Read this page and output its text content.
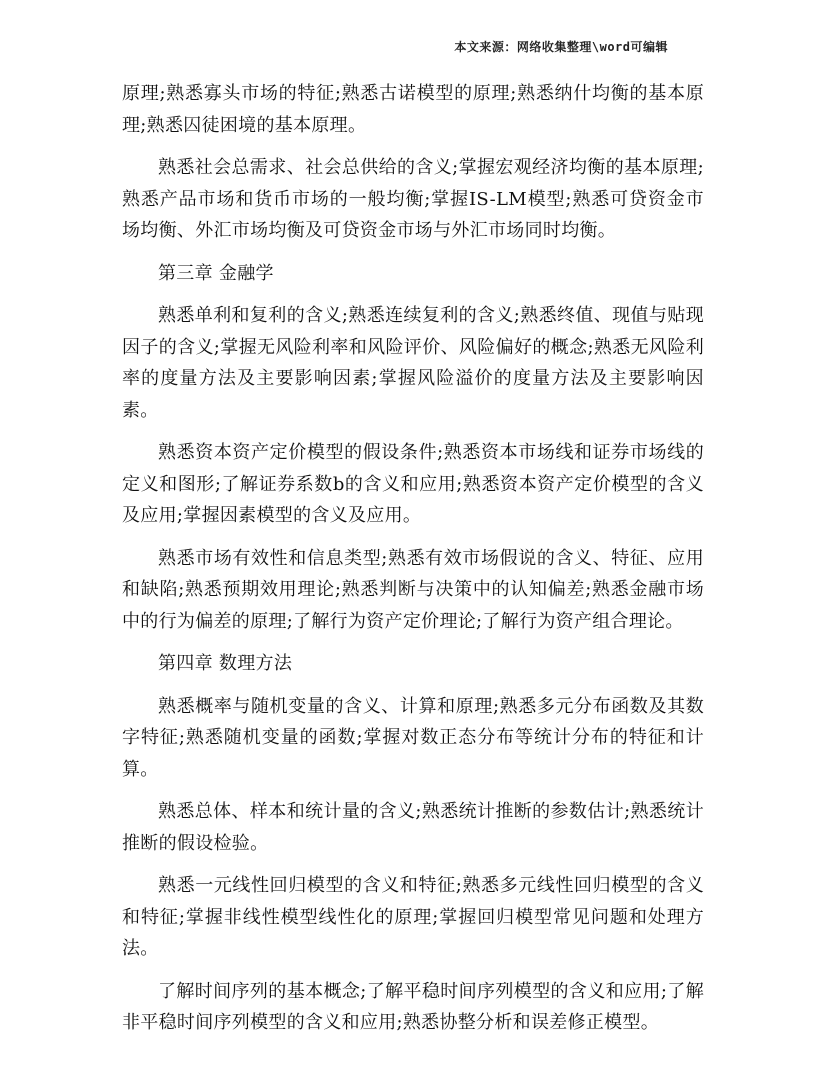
本文来源：网络收集整理\word可编辑

原理;熟悉寡头市场的特征;熟悉古诺模型的原理;熟悉纳什均衡的基本原理;熟悉囚徒困境的基本原理。

熟悉社会总需求、社会总供给的含义;掌握宏观经济均衡的基本原理;熟悉产品市场和货币市场的一般均衡;掌握IS-LM模型;熟悉可贷资金市场均衡、外汇市场均衡及可贷资金市场与外汇市场同时均衡。

第三章 金融学

熟悉单利和复利的含义;熟悉连续复利的含义;熟悉终值、现值与贴现因子的含义;掌握无风险利率和风险评价、风险偏好的概念;熟悉无风险利率的度量方法及主要影响因素;掌握风险溢价的度量方法及主要影响因素。

熟悉资本资产定价模型的假设条件;熟悉资本市场线和证券市场线的定义和图形;了解证券系数b的含义和应用;熟悉资本资产定价模型的含义及应用;掌握因素模型的含义及应用。

熟悉市场有效性和信息类型;熟悉有效市场假说的含义、特征、应用和缺陷;熟悉预期效用理论;熟悉判断与决策中的认知偏差;熟悉金融市场中的行为偏差的原理;了解行为资产定价理论;了解行为资产组合理论。

第四章 数理方法

熟悉概率与随机变量的含义、计算和原理;熟悉多元分布函数及其数字特征;熟悉随机变量的函数;掌握对数正态分布等统计分布的特征和计算。

熟悉总体、样本和统计量的含义;熟悉统计推断的参数估计;熟悉统计推断的假设检验。

熟悉一元线性回归模型的含义和特征;熟悉多元线性回归模型的含义和特征;掌握非线性模型线性化的原理;掌握回归模型常见问题和处理方法。

了解时间序列的基本概念;了解平稳时间序列模型的含义和应用;了解非平稳时间序列模型的含义和应用;熟悉协整分析和误差修正模型。
